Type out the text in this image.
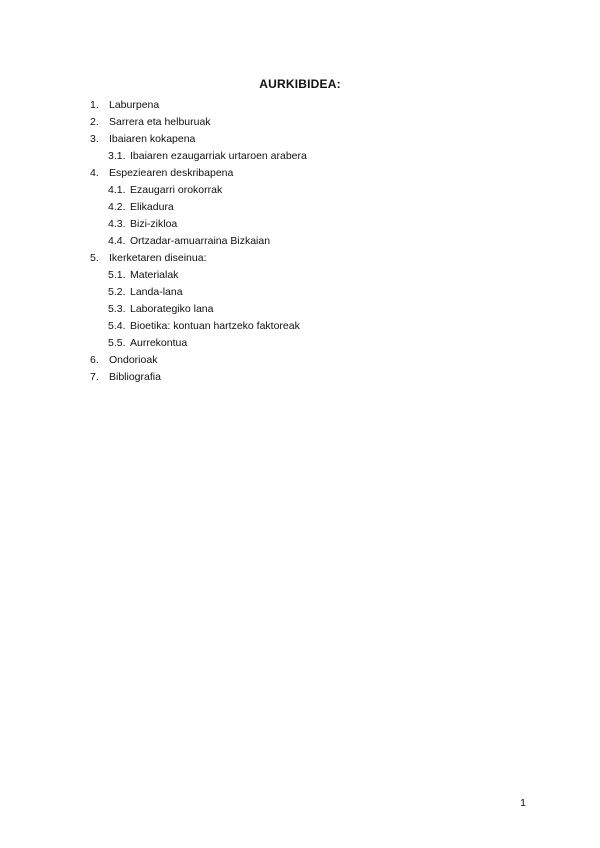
AURKIBIDEA:
1. Laburpena
2. Sarrera eta helburuak
3. Ibaiaren kokapena
3.1. Ibaiaren ezaugarriak urtaroen arabera
4. Espeziearen deskribapena
4.1. Ezaugarri orokorrak
4.2. Elikadura
4.3. Bizi-zikloa
4.4. Ortzadar-amuarraina Bizkaian
5. Ikerketaren diseinua:
5.1. Materialak
5.2. Landa-lana
5.3. Laborategiko lana
5.4. Bioetika: kontuan hartzeko faktoreak
5.5. Aurrekontua
6. Ondorioak
7. Bibliografia
1
